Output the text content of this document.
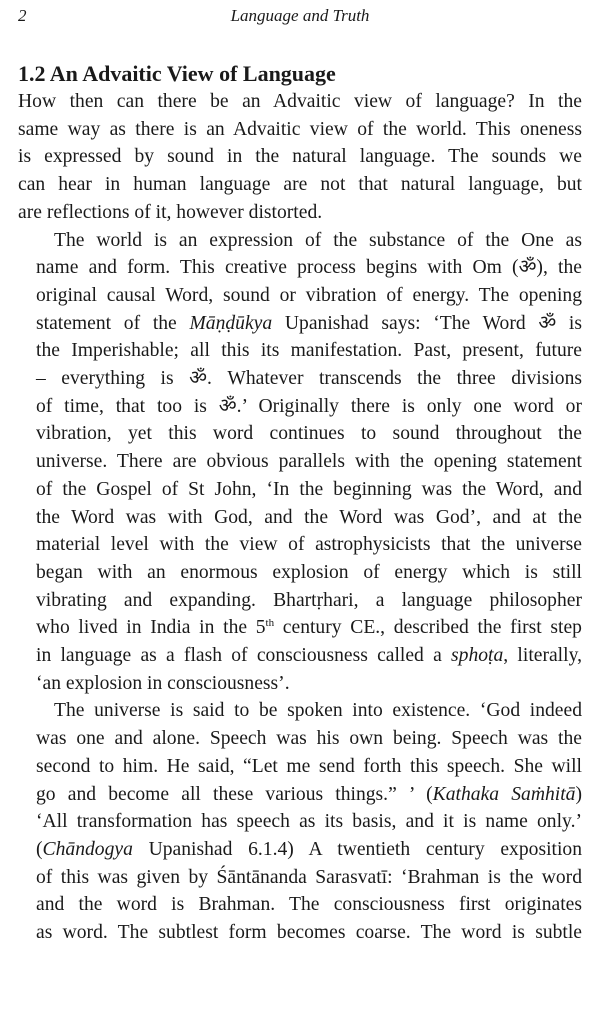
2	Language and Truth
1.2 An Advaitic View of Language
How then can there be an Advaitic view of language? In the
same way as there is an Advaitic view of the world. This oneness
is expressed by sound in the natural language. The sounds we
can hear in human language are not that natural language, but
are reflections of it, however distorted.
The world is an expression of the substance of the One as
name and form. This creative process begins with Om (ॐ), the
original causal Word, sound or vibration of energy. The opening
statement of the Māṇḍūkya Upanishad says: ‘The Word ॐ is
the Imperishable; all this its manifestation. Past, present, future
– everything is ॐ. Whatever transcends the three divisions
of time, that too is ॐ.’ Originally there is only one word or
vibration, yet this word continues to sound throughout the
universe. There are obvious parallels with the opening statement
of the Gospel of St John, ‘In the beginning was the Word, and
the Word was with God, and the Word was God’, and at the
material level with the view of astrophysicists that the universe
began with an enormous explosion of energy which is still
vibrating and expanding. Bhartṛhari, a language philosopher
who lived in India in the 5th century CE., described the first step
in language as a flash of consciousness called a sphoṭa, literally,
‘an explosion in consciousness’.
The universe is said to be spoken into existence. ‘God indeed
was one and alone. Speech was his own being. Speech was the
second to him. He said, “Let me send forth this speech. She will
go and become all these various things.” ’ (Kathaka Saṁhitā)
‘All transformation has speech as its basis, and it is name only.’
(Chāndogya Upanishad 6.1.4) A twentieth century exposition
of this was given by Śāntānanda Sarasvatī: ‘Brahman is the word
and the word is Brahman. The consciousness first originates
as word. The subtlest form becomes coarse. The word is subtle
